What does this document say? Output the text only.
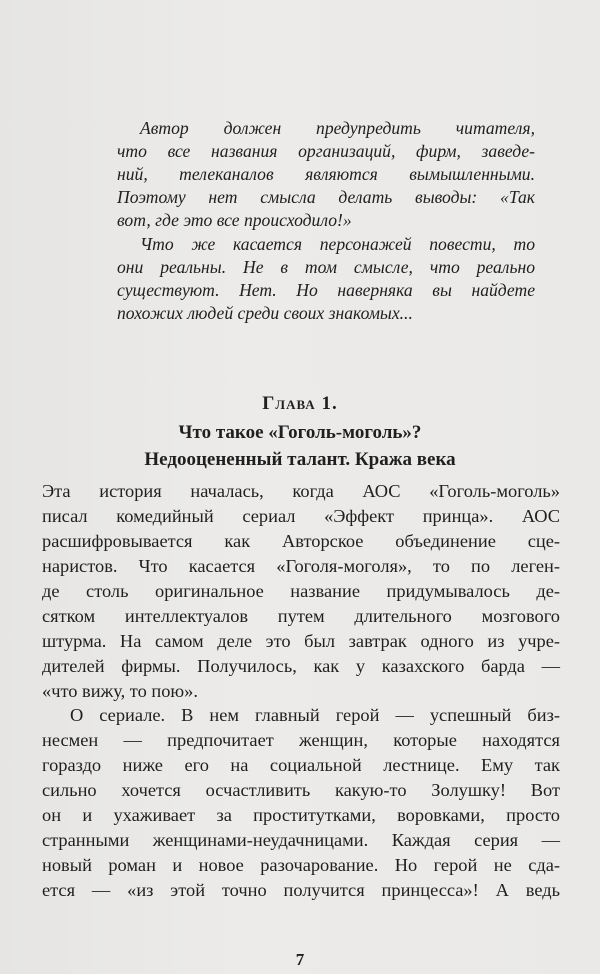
Автор должен предупредить читателя,
что все названия организаций, фирм, заведе-
ний, телеканалов являются вымышленными.
Поэтому нет смысла делать выводы: «Так
вот, где это все происходило!»
Что же касается персонажей повести, то
они реальны. Не в том смысле, что реально
существуют. Нет. Но наверняка вы найдете
похожих людей среди своих знакомых...
Глава 1.
Что такое «Гоголь-моголь»?
Недооцененный талант. Кража века
Эта история началась, когда АОС «Гоголь-моголь»
писал комедийный сериал «Эффект принца». АОС
расшифровывается как Авторское объединение сце-
наристов. Что касается «Гоголя-моголя», то по леген-
де столь оригинальное название придумывалось де-
сятком интеллектуалов путем длительного мозгового
штурма. На самом деле это был завтрак одного из учре-
дителей фирмы. Получилось, как у казахского барда —
«что вижу, то пою».
О сериале. В нем главный герой — успешный биз-
несмен — предпочитает женщин, которые находятся
гораздо ниже его на социальной лестнице. Ему так
сильно хочется осчастливить какую-то Золушку! Вот
он и ухаживает за проститутками, воровками, просто
странными женщинами-неудачницами. Каждая серия —
новый роман и новое разочарование. Но герой не сда-
ется — «из этой точно получится принцесса»! А ведь
7
